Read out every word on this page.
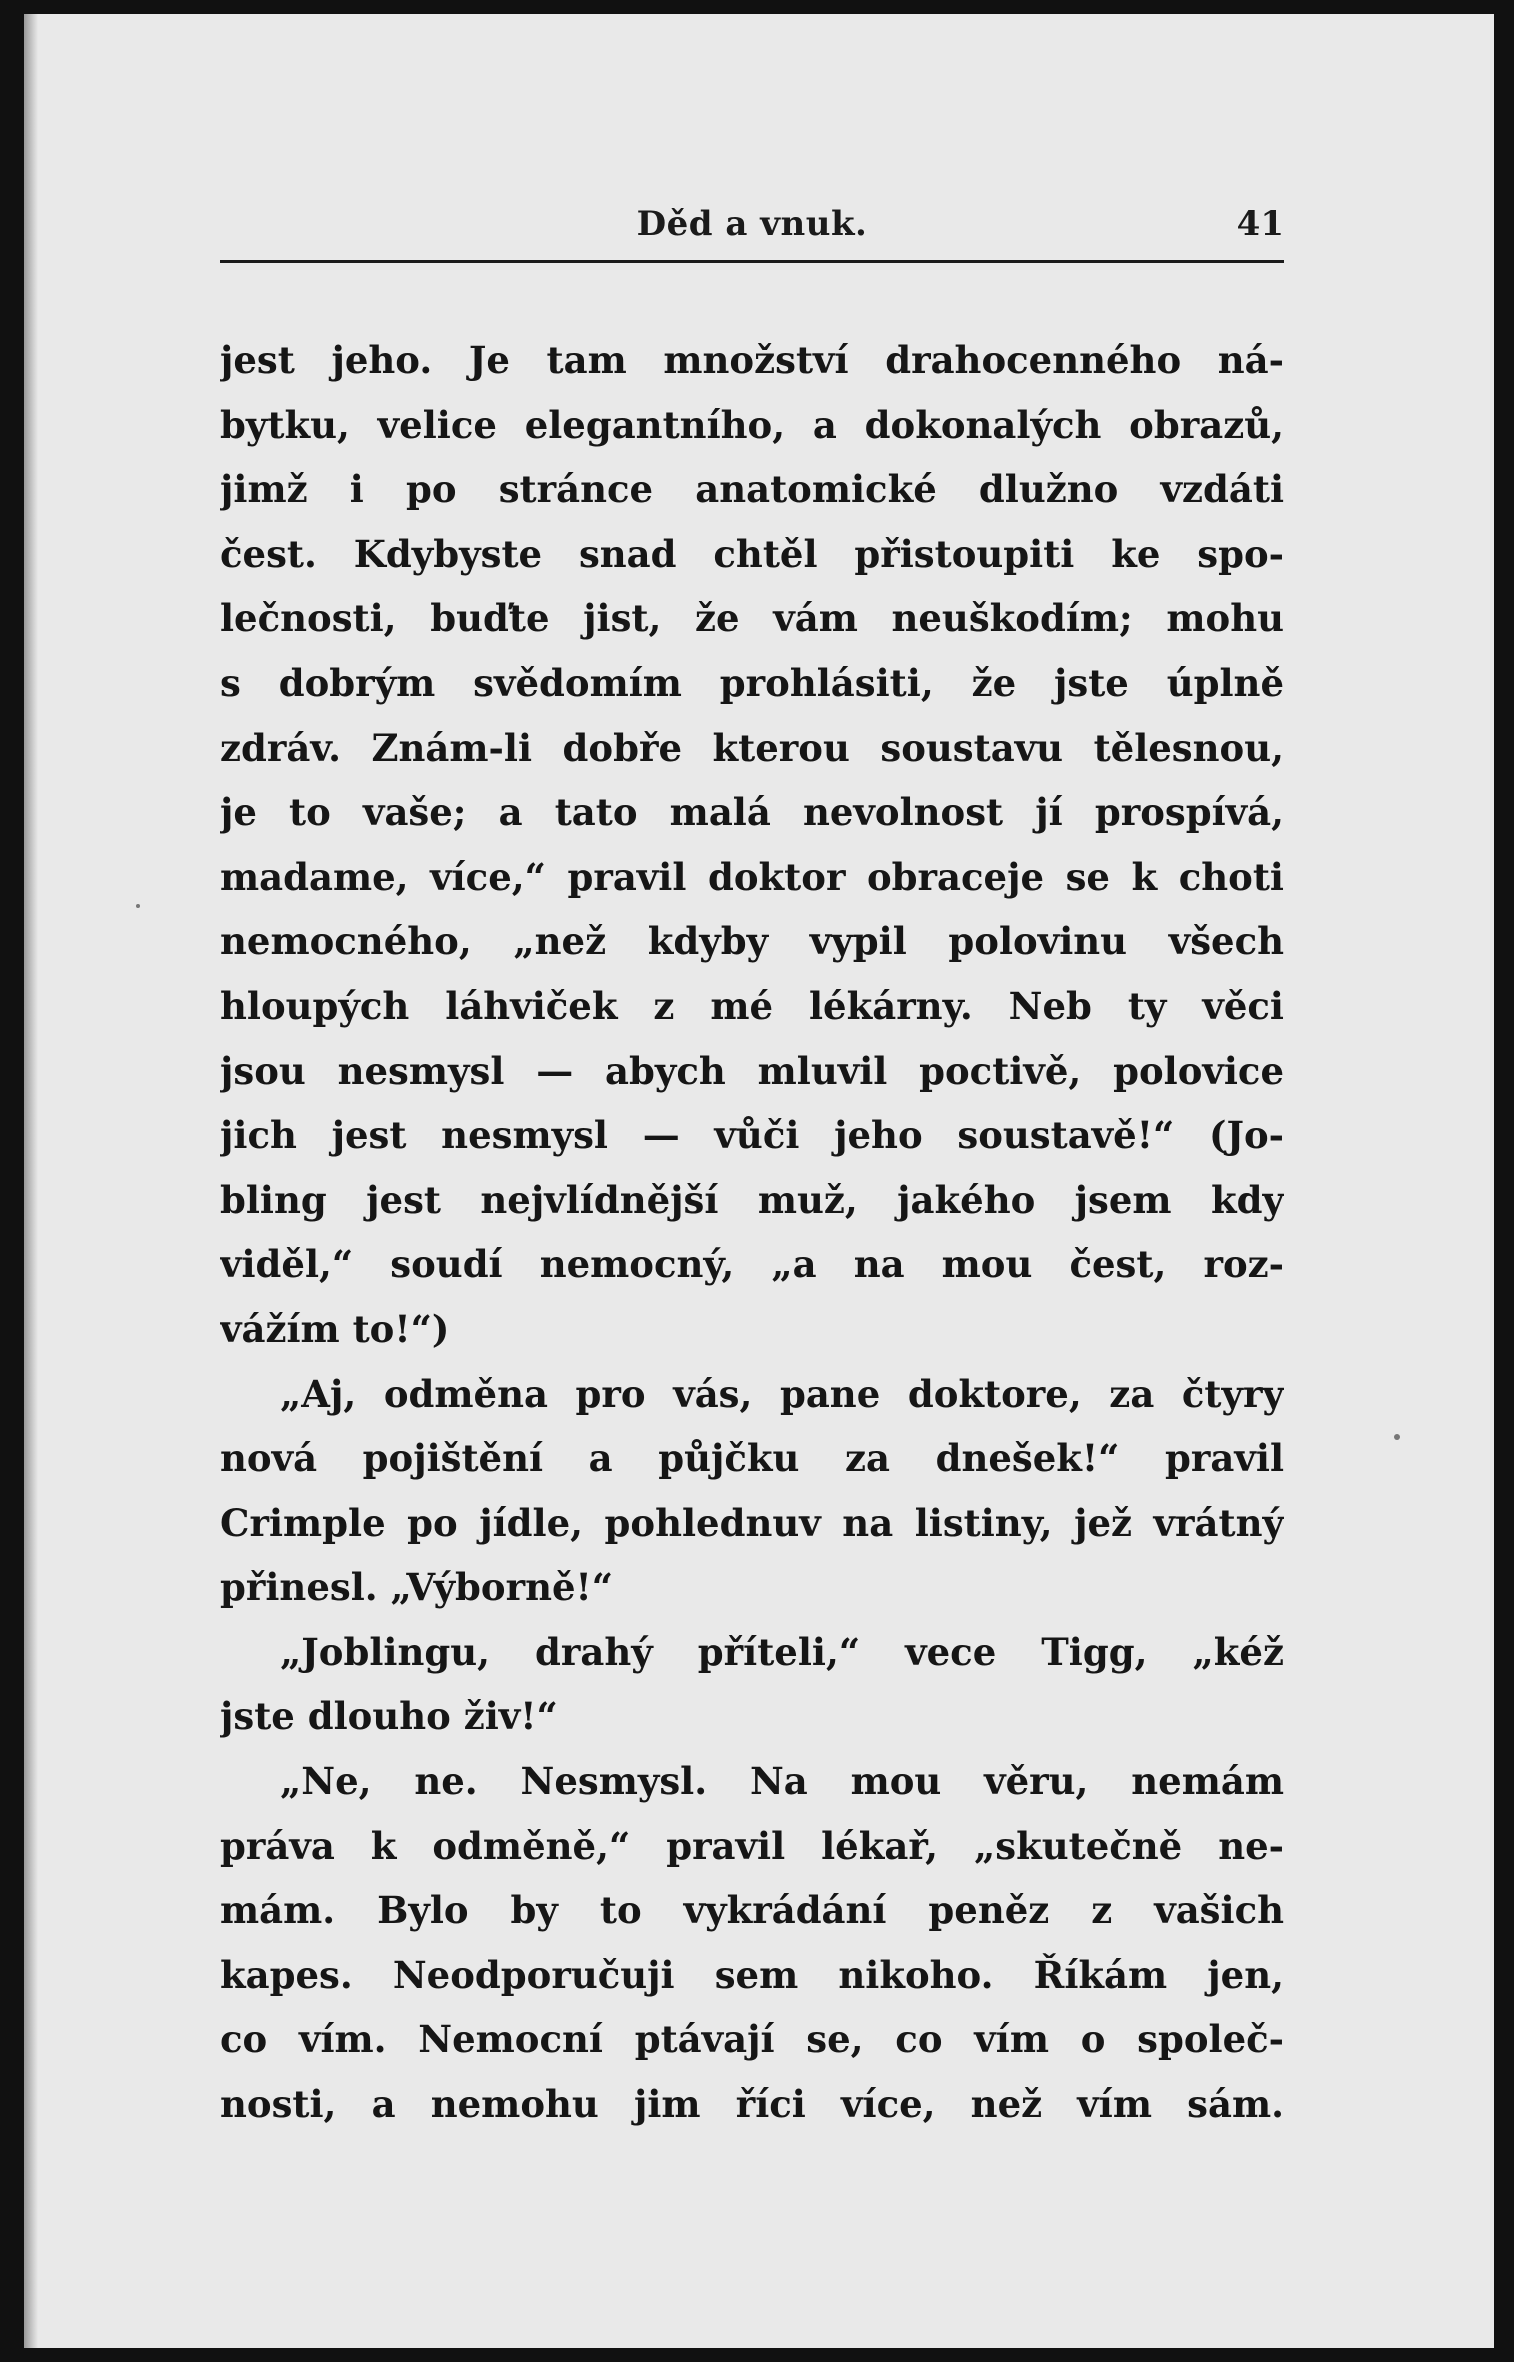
Děd a vnuk.	41
jest jeho. Je tam množství drahocenného ná-
bytku, velice elegantního, a dokonalých obrazů,
jimž i po stránce anatomické dlužno vzdáti
čest. Kdybyste snad chtěl přistoupiti ke spo-
lečnosti, buďte jist, že vám neuškodím; mohu
s dobrým svědomím prohlásiti, že jste úplně
zdráv. Znám-li dobře kterou soustavu tělesnou,
je to vaše; a tato malá nevolnost jí prospívá,
madame, více,“ pravil doktor obraceje se k choti
nemocného, „než kdyby vypil polovinu všech
hloupých láhviček z mé lékárny. Neb ty věci
jsou nesmysl — abych mluvil poctivě, polovice
jich jest nesmysl — vůči jeho soustavě!“ (Jo-
bling jest nejvlídnější muž, jakého jsem kdy
viděl,“ soudí nemocný, „a na mou čest, roz-
vážím to!“)
„Aj, odměna pro vás, pane doktore, za čtyry
nová pojištění a půjčku za dnešek!“ pravil
Crimple po jídle, pohlednuv na listiny, jež vrátný
přinesl. „Výborně!“
„Joblingu, drahý příteli,“ vece Tigg, „kéž
jste dlouho živ!“
„Ne, ne. Nesmysl. Na mou věru, nemám
práva k odměně,“ pravil lékař, „skutečně ne-
mám. Bylo by to vykrádání peněz z vašich
kapes. Neodporučuji sem nikoho. Říkám jen,
co vím. Nemocní ptávají se, co vím o společ-
nosti, a nemohu jim říci více, než vím sám.
